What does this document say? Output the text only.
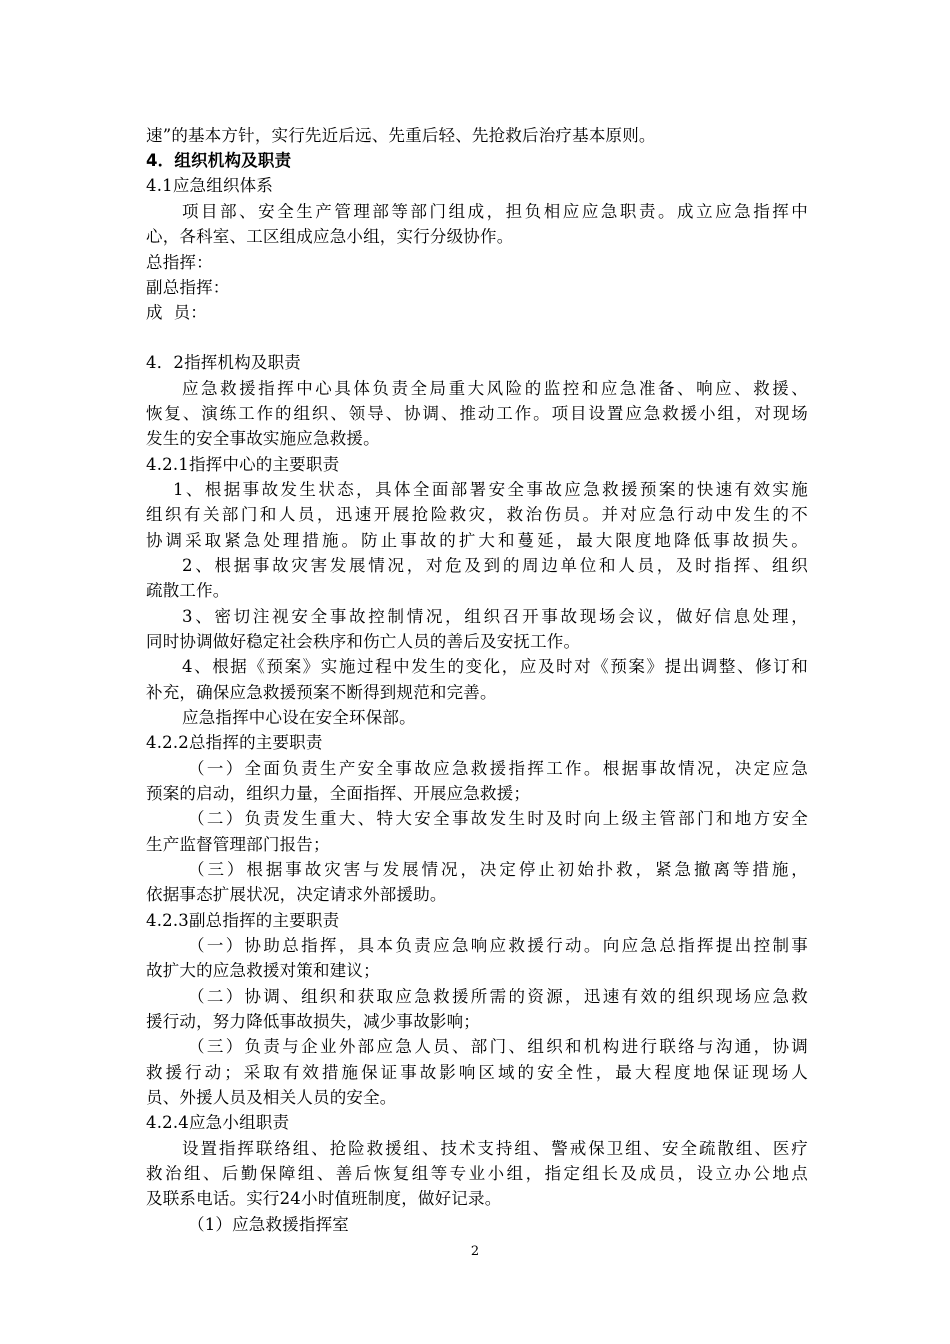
速”的基本方针，实行先近后远、先重后轻、先抢救后治疗基本原则。
4．组织机构及职责
4.1应急组织体系
项目部、安全生产管理部等部门组成，担负相应应急职责。成立应急指挥中
心，各科室、工区组成应急小组，实行分级协作。
总指挥：
副总指挥：
成  员：
4．2指挥机构及职责
应急救援指挥中心具体负责全局重大风险的监控和应急准备、响应、救援、
恢复、演练工作的组织、领导、协调、推动工作。项目设置应急救援小组，对现场
发生的安全事故实施应急救援。
4.2.1指挥中心的主要职责
1、根据事故发生状态，具体全面部署安全事故应急救援预案的快速有效实施
组织有关部门和人员，迅速开展抢险救灾，救治伤员。并对应急行动中发生的不
协调采取紧急处理措施。防止事故的扩大和蔓延，最大限度地降低事故损失。
2、根据事故灾害发展情况，对危及到的周边单位和人员，及时指挥、组织
疏散工作。
3、密切注视安全事故控制情况，组织召开事故现场会议，做好信息处理，
同时协调做好稳定社会秩序和伤亡人员的善后及安抚工作。
4、根据《预案》实施过程中发生的变化，应及时对《预案》提出调整、修订和
补充，确保应急救援预案不断得到规范和完善。
应急指挥中心设在安全环保部。
4.2.2总指挥的主要职责
（一）全面负责生产安全事故应急救援指挥工作。根据事故情况，决定应急
预案的启动，组织力量，全面指挥、开展应急救援；
（二）负责发生重大、特大安全事故发生时及时向上级主管部门和地方安全
生产监督管理部门报告；
（三）根据事故灾害与发展情况，决定停止初始扑救，紧急撤离等措施，
依据事态扩展状况，决定请求外部援助。
4.2.3副总指挥的主要职责
（一）协助总指挥，具本负责应急响应救援行动。向应急总指挥提出控制事
故扩大的应急救援对策和建议；
（二）协调、组织和获取应急救援所需的资源，迅速有效的组织现场应急救
援行动，努力降低事故损失，减少事故影响；
（三）负责与企业外部应急人员、部门、组织和机构进行联络与沟通，协调
救援行动；采取有效措施保证事故影响区域的安全性，最大程度地保证现场人
员、外援人员及相关人员的安全。
4.2.4应急小组职责
设置指挥联络组、抢险救援组、技术支持组、警戒保卫组、安全疏散组、医疗
救治组、后勤保障组、善后恢复组等专业小组，指定组长及成员，设立办公地点
及联系电话。实行24小时值班制度，做好记录。
（1）应急救援指挥室
2
